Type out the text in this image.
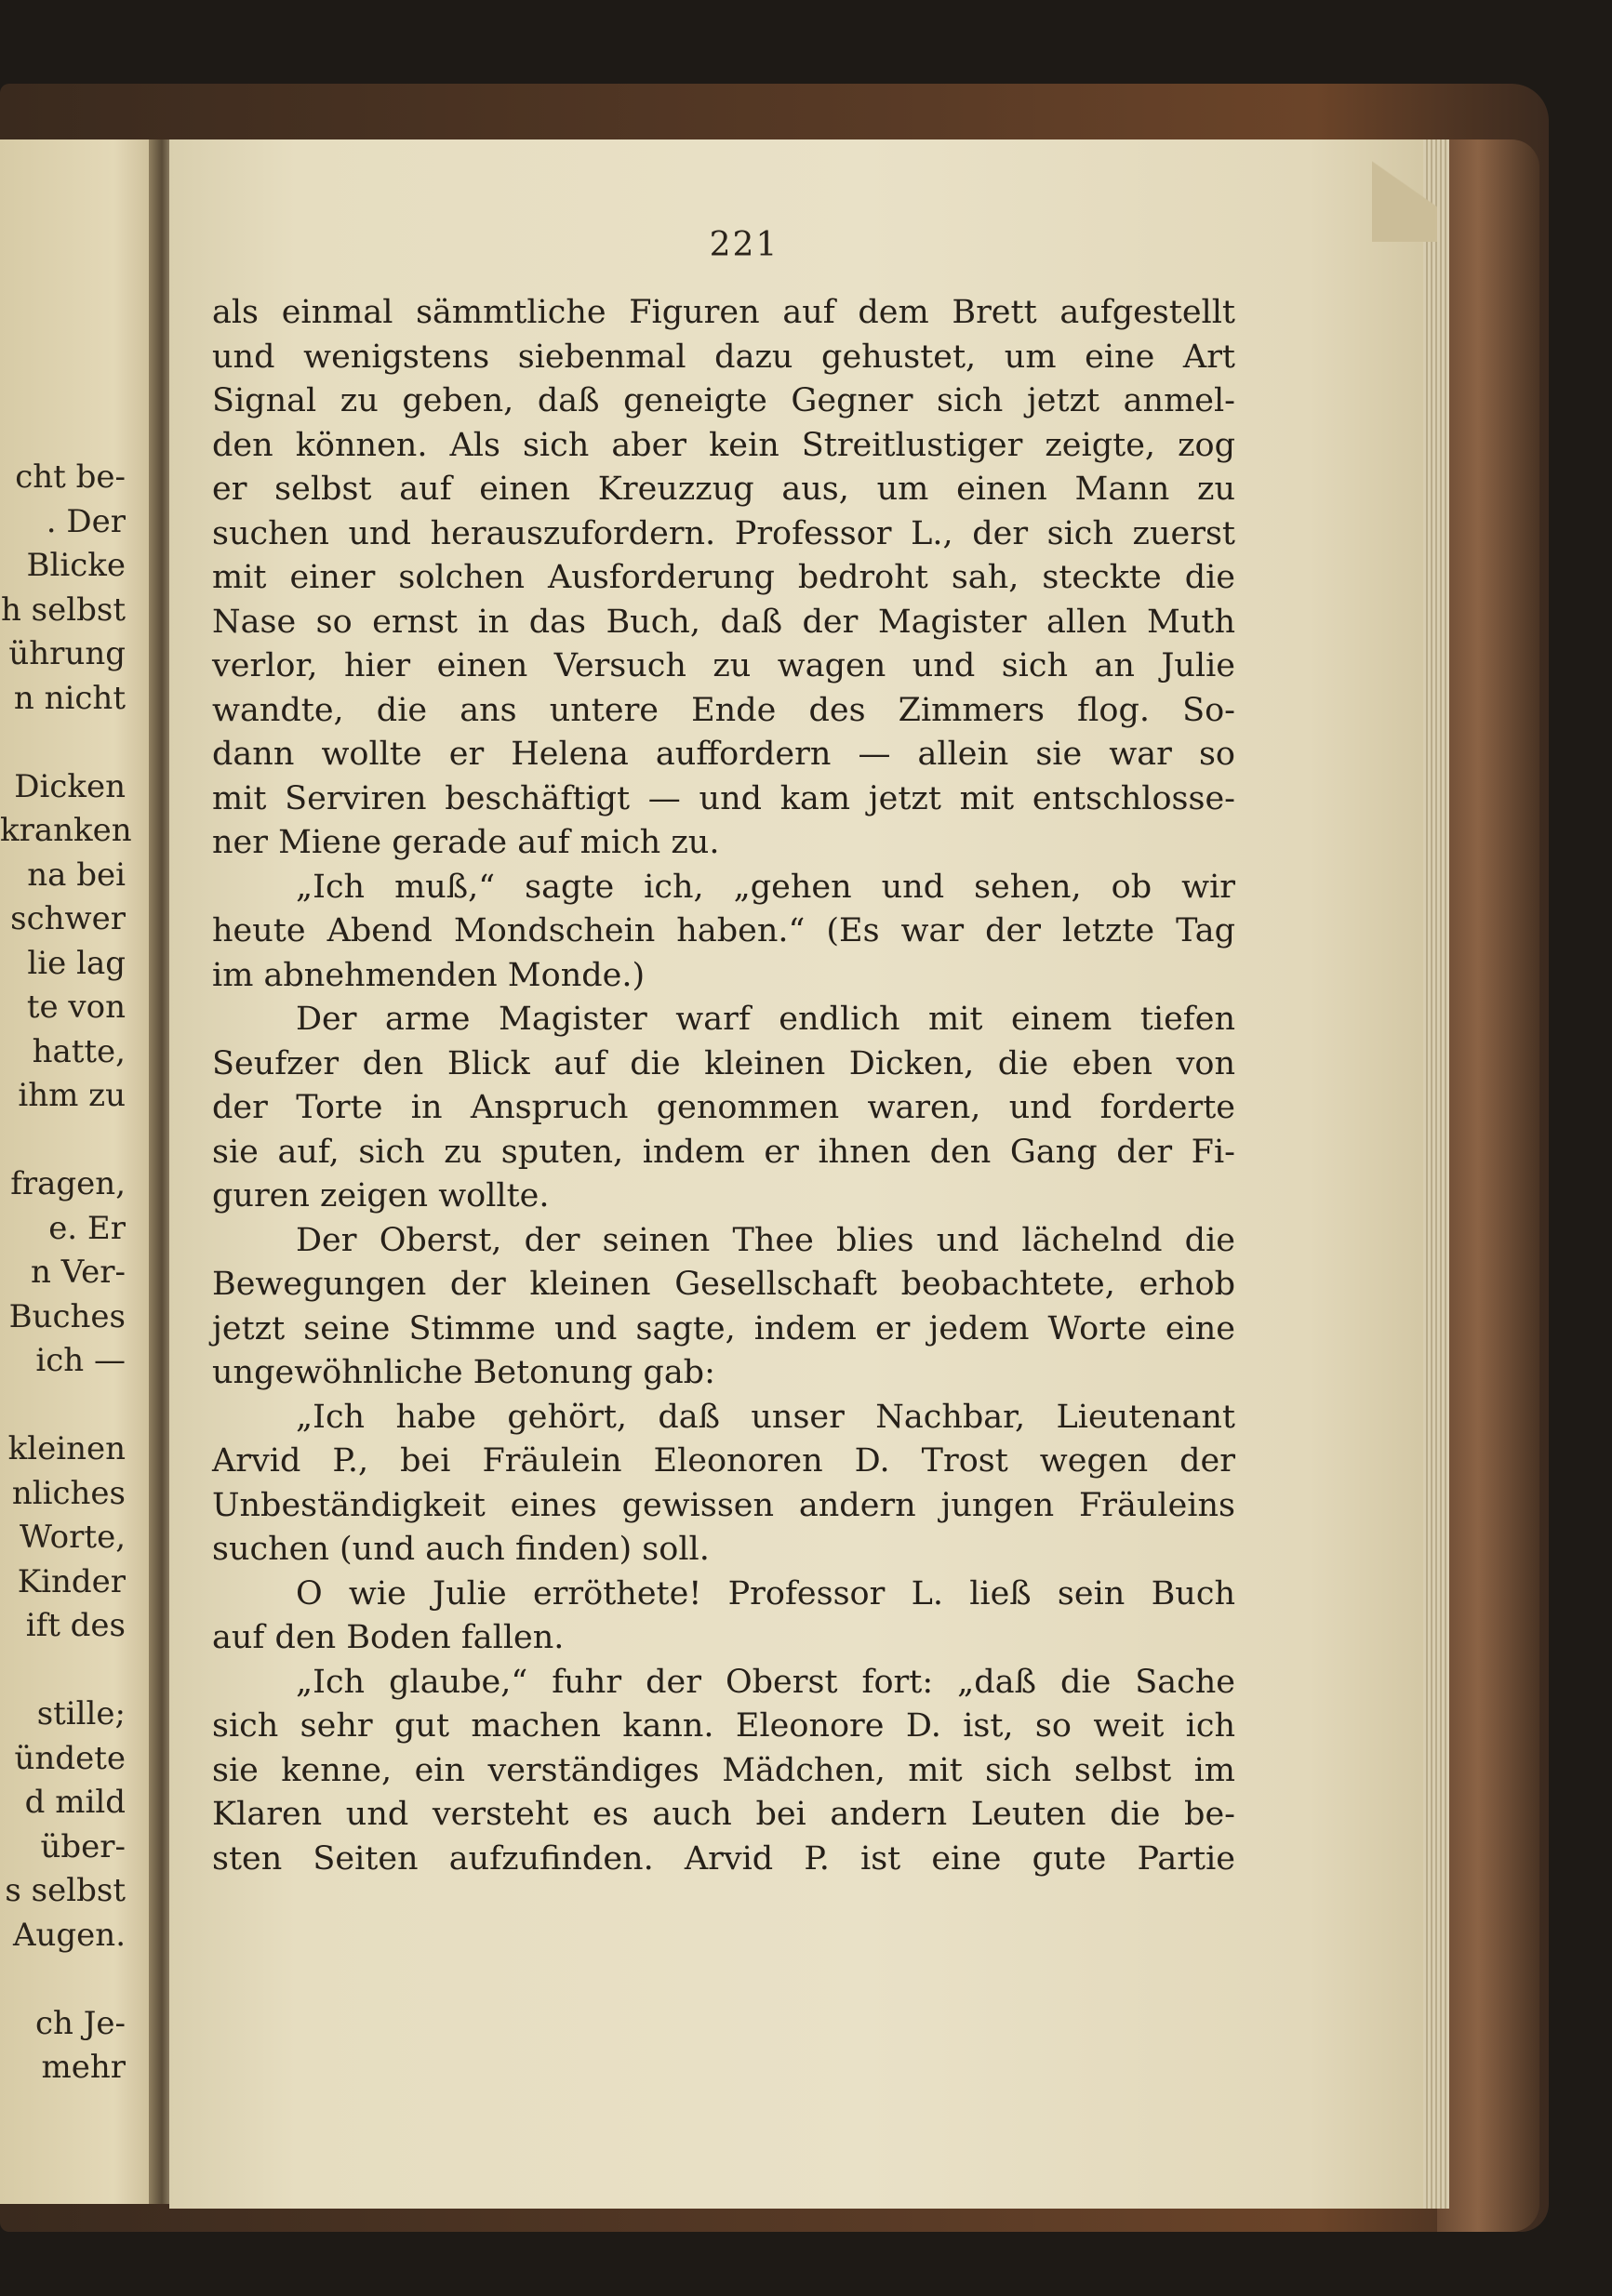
cht be-
. Der
Blicke
h selbst
ührung
n nicht
Dicken
kranken
na bei
schwer
lie lag
te von
hatte,
ihm zu
fragen,
e. Er
n Ver-
Buches
ich —
kleinen
nliches
Worte,
Kinder
ift des
stille;
ündete
d mild
über-
s selbst
Augen.
ch Je-
mehr
221
als einmal sämmtliche Figuren auf dem Brett aufgestellt
und wenigstens siebenmal dazu gehustet, um eine Art
Signal zu geben, daß geneigte Gegner sich jetzt anmel-
den können. Als sich aber kein Streitlustiger zeigte, zog
er selbst auf einen Kreuzzug aus, um einen Mann zu
suchen und herauszufordern. Professor L., der sich zuerst
mit einer solchen Ausforderung bedroht sah, steckte die
Nase so ernst in das Buch, daß der Magister allen Muth
verlor, hier einen Versuch zu wagen und sich an Julie
wandte, die ans untere Ende des Zimmers flog. So-
dann wollte er Helena auffordern — allein sie war so
mit Serviren beschäftigt — und kam jetzt mit entschlosse-
ner Miene gerade auf mich zu.
„Ich muß,“ sagte ich, „gehen und sehen, ob wir
heute Abend Mondschein haben.“ (Es war der letzte Tag
im abnehmenden Monde.)
Der arme Magister warf endlich mit einem tiefen
Seufzer den Blick auf die kleinen Dicken, die eben von
der Torte in Anspruch genommen waren, und forderte
sie auf, sich zu sputen, indem er ihnen den Gang der Fi-
guren zeigen wollte.
Der Oberst, der seinen Thee blies und lächelnd die
Bewegungen der kleinen Gesellschaft beobachtete, erhob
jetzt seine Stimme und sagte, indem er jedem Worte eine
ungewöhnliche Betonung gab:
„Ich habe gehört, daß unser Nachbar, Lieutenant
Arvid P., bei Fräulein Eleonoren D. Trost wegen der
Unbeständigkeit eines gewissen andern jungen Fräuleins
suchen (und auch finden) soll.
O wie Julie erröthete! Professor L. ließ sein Buch
auf den Boden fallen.
„Ich glaube,“ fuhr der Oberst fort: „daß die Sache
sich sehr gut machen kann. Eleonore D. ist, so weit ich
sie kenne, ein verständiges Mädchen, mit sich selbst im
Klaren und versteht es auch bei andern Leuten die be-
sten Seiten aufzufinden. Arvid P. ist eine gute Partie
